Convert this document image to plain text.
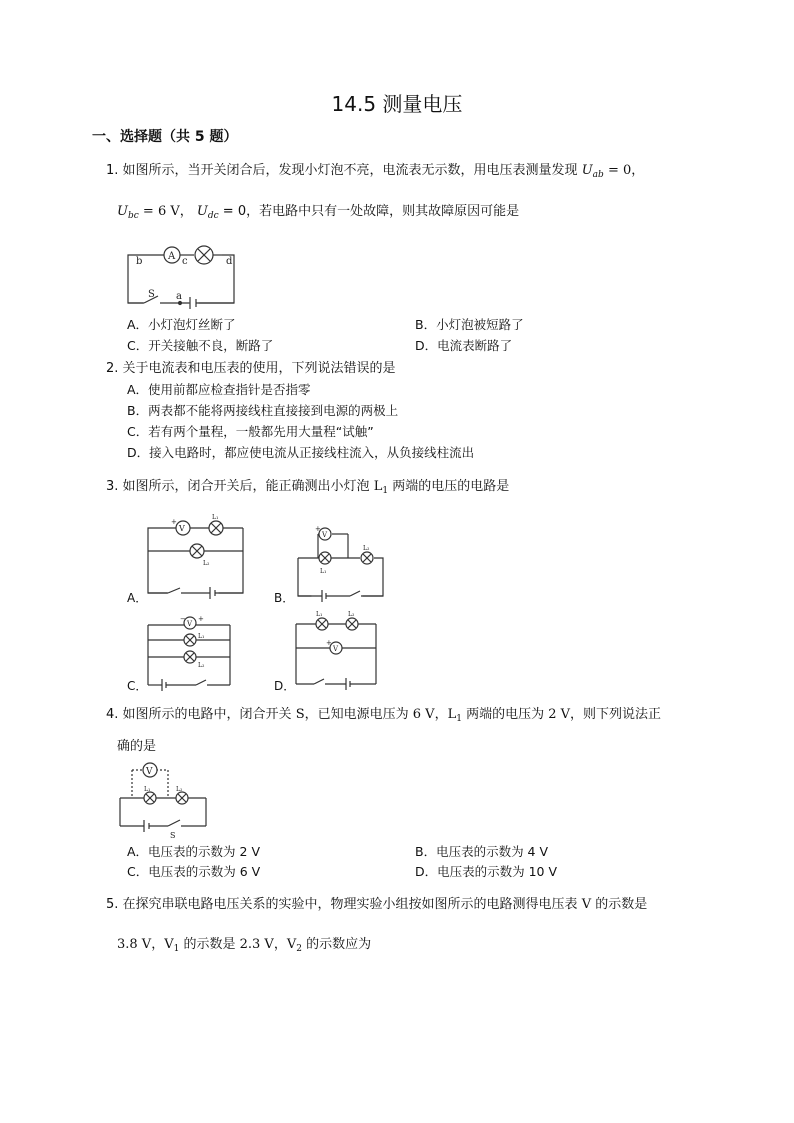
14.5 测量电压
一、选择题（共 5 题）
1. 如图所示，当开关闭合后，发现小灯泡不亮，电流表无示数，用电压表测量发现 $U_{ab} = 0$，
$U_{bc} = 6$ V， $U_{dc} = 0$，若电路中只有一处故障，则其故障原因可能是
A
b	c	d
S a
A．小灯泡灯丝断了	B．小灯泡被短路了
C．开关接触不良，断路了	D．电流表断路了
2. 关于电流表和电压表的使用，下列说法错误的是
A．使用前都应检查指针是否指零
B．两表都不能将两接线柱直接接到电源的两极上
C．若有两个量程，一般都先用大量程“试触”
D．接入电路时，都应使电流从正接线柱流入，从负接线柱流出
3. 如图所示，闭合开关后，能正确测出小灯泡 $L_1$ 两端的电压的电路是
V
+
L₁
L₂
A．
V
+
L₁
L₂
B．
V
− +
L₁
L₂
C．
V
+
L₁	L₂
D．
4. 如图所示的电路中，闭合开关 S，已知电源电压为 6 V，$L_1$ 两端的电压为 2 V，则下列说法正
确的是
V
L₁	L₂
S
A．电压表的示数为 2 V	B．电压表的示数为 4 V
C．电压表的示数为 6 V	D．电压表的示数为 10 V
5. 在探究串联电路电压关系的实验中，物理实验小组按如图所示的电路测得电压表 V 的示数是
3.8 V，$V_1$ 的示数是 2.3 V，$V_2$ 的示数应为
